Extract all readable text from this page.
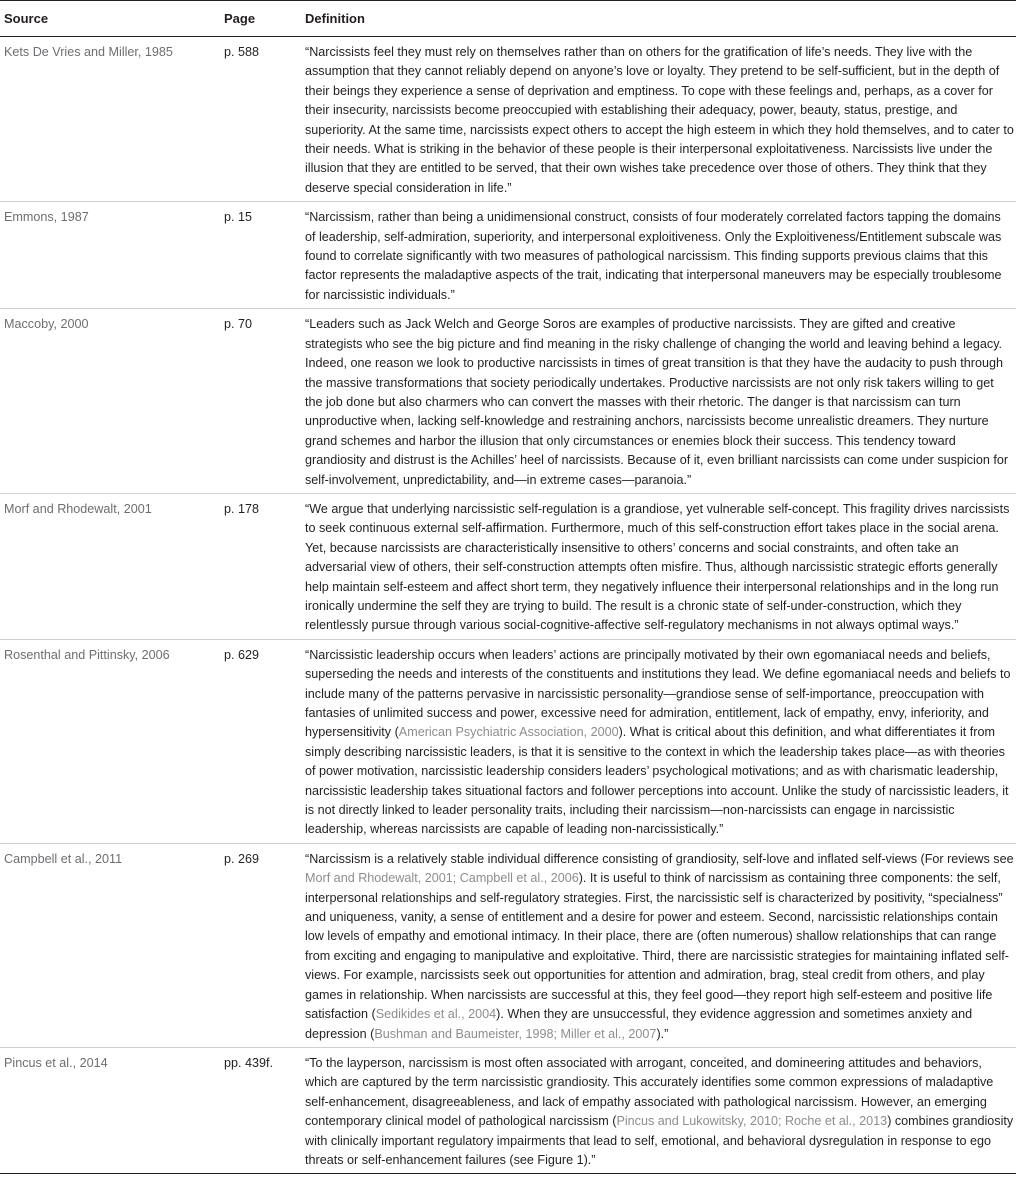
Source	Page	Definition
Kets De Vries and Miller, 1985	p. 588	“Narcissists feel they must rely on themselves rather than on others for the gratification of life’s needs. They live with the assumption that they cannot reliably depend on anyone’s love or loyalty. They pretend to be self-sufficient, but in the depth of their beings they experience a sense of deprivation and emptiness. To cope with these feelings and, perhaps, as a cover for their insecurity, narcissists become preoccupied with establishing their adequacy, power, beauty, status, prestige, and superiority. At the same time, narcissists expect others to accept the high esteem in which they hold themselves, and to cater to their needs. What is striking in the behavior of these people is their interpersonal exploitativeness. Narcissists live under the illusion that they are entitled to be served, that their own wishes take precedence over those of others. They think that they deserve special consideration in life.”
Emmons, 1987	p. 15	“Narcissism, rather than being a unidimensional construct, consists of four moderately correlated factors tapping the domains of leadership, self-admiration, superiority, and interpersonal exploitiveness. Only the Exploitiveness/Entitlement subscale was found to correlate significantly with two measures of pathological narcissism. This finding supports previous claims that this factor represents the maladaptive aspects of the trait, indicating that interpersonal maneuvers may be especially troublesome for narcissistic individuals.”
Maccoby, 2000	p. 70	“Leaders such as Jack Welch and George Soros are examples of productive narcissists. They are gifted and creative strategists who see the big picture and find meaning in the risky challenge of changing the world and leaving behind a legacy. Indeed, one reason we look to productive narcissists in times of great transition is that they have the audacity to push through the massive transformations that society periodically undertakes. Productive narcissists are not only risk takers willing to get the job done but also charmers who can convert the masses with their rhetoric. The danger is that narcissism can turn unproductive when, lacking self-knowledge and restraining anchors, narcissists become unrealistic dreamers. They nurture grand schemes and harbor the illusion that only circumstances or enemies block their success. This tendency toward grandiosity and distrust is the Achilles’ heel of narcissists. Because of it, even brilliant narcissists can come under suspicion for self-involvement, unpredictability, and—in extreme cases—paranoia.”
Morf and Rhodewalt, 2001	p. 178	“We argue that underlying narcissistic self-regulation is a grandiose, yet vulnerable self-concept. This fragility drives narcissists to seek continuous external self-affirmation. Furthermore, much of this self-construction effort takes place in the social arena. Yet, because narcissists are characteristically insensitive to others’ concerns and social constraints, and often take an adversarial view of others, their self-construction attempts often misfire. Thus, although narcissistic strategic efforts generally help maintain self-esteem and affect short term, they negatively influence their interpersonal relationships and in the long run ironically undermine the self they are trying to build. The result is a chronic state of self-under-construction, which they relentlessly pursue through various social-cognitive-affective self-regulatory mechanisms in not always optimal ways.”
Rosenthal and Pittinsky, 2006	p. 629	“Narcissistic leadership occurs when leaders’ actions are principally motivated by their own egomaniacal needs and beliefs, superseding the needs and interests of the constituents and institutions they lead. We define egomaniacal needs and beliefs to include many of the patterns pervasive in narcissistic personality—grandiose sense of self-importance, preoccupation with fantasies of unlimited success and power, excessive need for admiration, entitlement, lack of empathy, envy, inferiority, and hypersensitivity (American Psychiatric Association, 2000). What is critical about this definition, and what differentiates it from simply describing narcissistic leaders, is that it is sensitive to the context in which the leadership takes place—as with theories of power motivation, narcissistic leadership considers leaders’ psychological motivations; and as with charismatic leadership, narcissistic leadership takes situational factors and follower perceptions into account. Unlike the study of narcissistic leaders, it is not directly linked to leader personality traits, including their narcissism—non-narcissists can engage in narcissistic leadership, whereas narcissists are capable of leading non-narcissistically.”
Campbell et al., 2011	p. 269	“Narcissism is a relatively stable individual difference consisting of grandiosity, self-love and inflated self-views (For reviews see Morf and Rhodewalt, 2001; Campbell et al., 2006). It is useful to think of narcissism as containing three components: the self, interpersonal relationships and self-regulatory strategies. First, the narcissistic self is characterized by positivity, “specialness” and uniqueness, vanity, a sense of entitlement and a desire for power and esteem. Second, narcissistic relationships contain low levels of empathy and emotional intimacy. In their place, there are (often numerous) shallow relationships that can range from exciting and engaging to manipulative and exploitative. Third, there are narcissistic strategies for maintaining inflated self-views. For example, narcissists seek out opportunities for attention and admiration, brag, steal credit from others, and play games in relationship. When narcissists are successful at this, they feel good—they report high self-esteem and positive life satisfaction (Sedikides et al., 2004). When they are unsuccessful, they evidence aggression and sometimes anxiety and depression (Bushman and Baumeister, 1998; Miller et al., 2007).”
Pincus et al., 2014	pp. 439f.	“To the layperson, narcissism is most often associated with arrogant, conceited, and domineering attitudes and behaviors, which are captured by the term narcissistic grandiosity. This accurately identifies some common expressions of maladaptive self-enhancement, disagreeableness, and lack of empathy associated with pathological narcissism. However, an emerging contemporary clinical model of pathological narcissism (Pincus and Lukowitsky, 2010; Roche et al., 2013) combines grandiosity with clinically important regulatory impairments that lead to self, emotional, and behavioral dysregulation in response to ego threats or self-enhancement failures (see Figure 1).”
